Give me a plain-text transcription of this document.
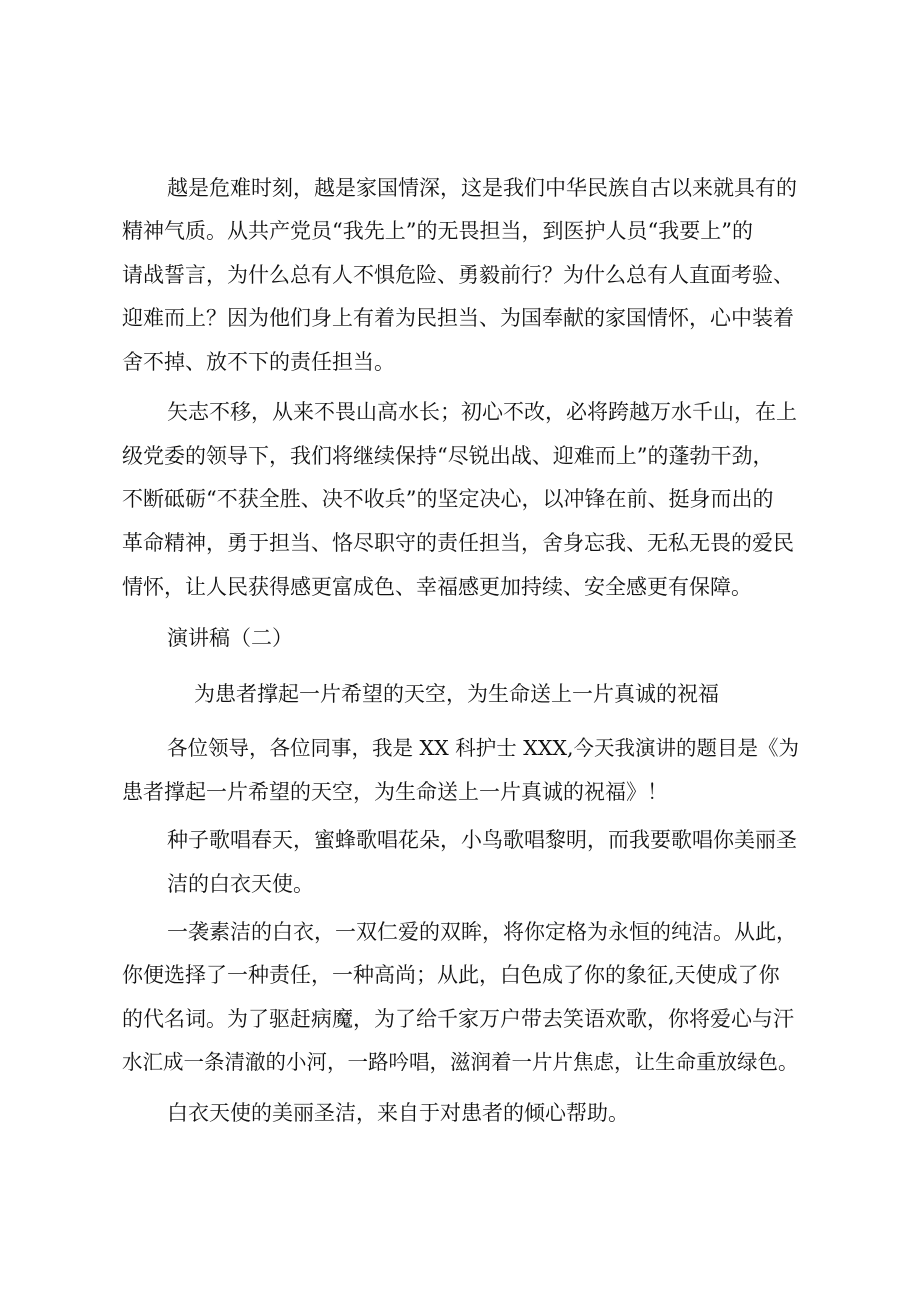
越是危难时刻，越是家国情深，这是我们中华民族自古以来就具有的
精神气质。从共产党员“我先上”的无畏担当，到医护人员“我要上”的
请战誓言，为什么总有人不惧危险、勇毅前行？为什么总有人直面考验、
迎难而上？因为他们身上有着为民担当、为国奉献的家国情怀，心中装着
舍不掉、放不下的责任担当。
矢志不移，从来不畏山高水长；初心不改，必将跨越万水千山，在上
级党委的领导下，我们将继续保持“尽锐出战、迎难而上”的蓬勃干劲，
不断砥砺“不获全胜、决不收兵”的坚定决心，以冲锋在前、挺身而出的
革命精神，勇于担当、恪尽职守的责任担当，舍身忘我、无私无畏的爱民
情怀，让人民获得感更富成色、幸福感更加持续、安全感更有保障。
演讲稿（二）
为患者撑起一片希望的天空，为生命送上一片真诚的祝福
各位领导，各位同事，我是 XX 科护士 XXX,今天我演讲的题目是《为
患者撑起一片希望的天空，为生命送上一片真诚的祝福》！
种子歌唱春天，蜜蜂歌唱花朵，小鸟歌唱黎明，而我要歌唱你美丽圣
洁的白衣天使。
一袭素洁的白衣，一双仁爱的双眸，将你定格为永恒的纯洁。从此，
你便选择了一种责任，一种高尚；从此，白色成了你的象征,天使成了你
的代名词。为了驱赶病魔，为了给千家万户带去笑语欢歌，你将爱心与汗
水汇成一条清澈的小河，一路吟唱，滋润着一片片焦虑，让生命重放绿色。
白衣天使的美丽圣洁，来自于对患者的倾心帮助。
